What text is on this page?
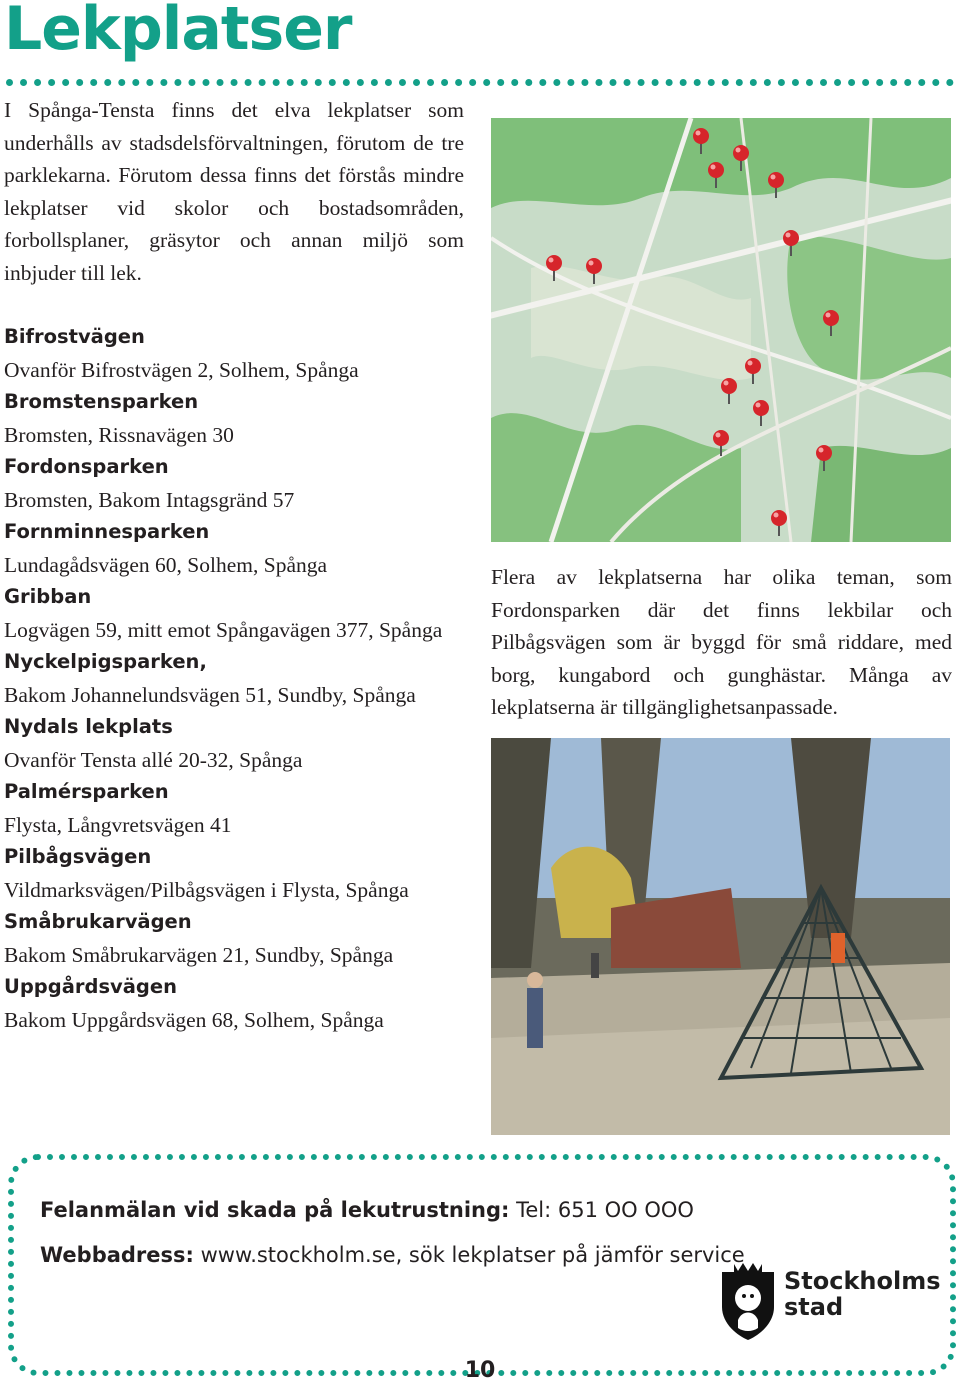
Lekplatser

I Spånga-Tensta finns det elva lekplatser som underhålls av stadsdelsförvaltningen, förutom de tre parklekarna. Förutom dessa finns det förstås mindre lekplatser vid skolor och bostadsområden, forbollsplaner, gräsytor och annan miljö som inbjuder till lek.

Bifrostvägen
Ovanför Bifrostvägen 2, Solhem, Spånga
Bromstensparken
Bromsten, Rissnavägen 30
Fordonsparken
Bromsten, Bakom Intagsgränd 57
Fornminnesparken
Lundagådsvägen 60, Solhem, Spånga
Gribban
Logvägen 59, mitt emot Spångavägen 377, Spånga
Nyckelpigsparken,
Bakom Johannelundsvägen 51, Sundby, Spånga
Nydals lekplats
Ovanför Tensta allé 20-32, Spånga
Palmérsparken
Flysta, Långvretsvägen 41
Pilbågsvägen
Vildmarksvägen/Pilbågsvägen i Flysta, Spånga
Småbrukarvägen
Bakom Småbrukarvägen 21, Sundby, Spånga
Uppgårdsvägen
Bakom Uppgårdsvägen 68, Solhem, Spånga

Flera av lekplatserna har olika teman, som Fordonsparken där det finns lekbilar och Pilbågsvägen som är byggd för små riddare, med borg, kungabord och gunghästar. Många av lekplatserna är tillgänglighetsanpassade.

Felanmälan vid skada på lekutrustning: Tel: 651 OO OOO
Webbadress: www.stockholm.se, sök lekplatser på jämför service
Stockholms
stad
10
